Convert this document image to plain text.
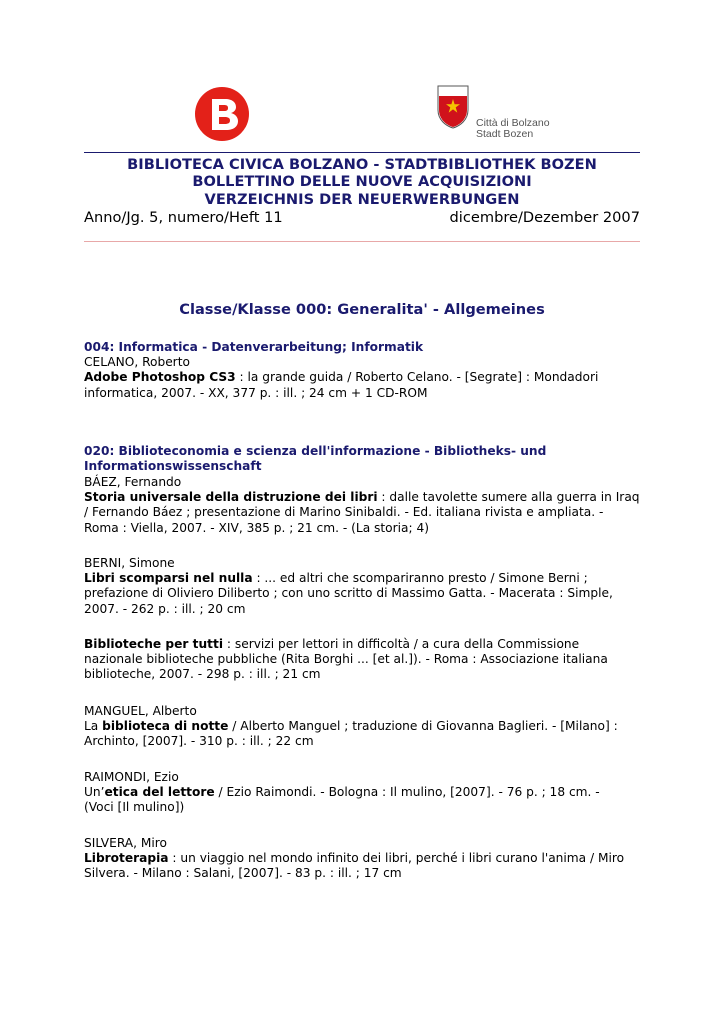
Città di Bolzano
Stadt Bozen
BIBLIOTECA CIVICA BOLZANO - STADTBIBLIOTHEK BOZEN
BOLLETTINO DELLE NUOVE ACQUISIZIONI
VERZEICHNIS DER NEUERWERBUNGEN
Anno/Jg. 5, numero/Heft 11	dicembre/Dezember 2007
Classe/Klasse 000: Generalita' - Allgemeines
004: Informatica - Datenverarbeitung; Informatik
CELANO, Roberto
Adobe Photoshop CS3 : la grande guida / Roberto Celano. - [Segrate] : Mondadori
informatica, 2007. - XX, 377 p. : ill. ; 24 cm + 1 CD-ROM
020: Biblioteconomia e scienza dell'informazione - Bibliotheks- und
Informationswissenschaft
BÁEZ, Fernando
Storia universale della distruzione dei libri : dalle tavolette sumere alla guerra in Iraq
/ Fernando Báez ; presentazione di Marino Sinibaldi. - Ed. italiana rivista e ampliata. -
Roma : Viella, 2007. - XIV, 385 p. ; 21 cm. - (La storia; 4)
BERNI, Simone
Libri scomparsi nel nulla : ... ed altri che scompariranno presto / Simone Berni ;
prefazione di Oliviero Diliberto ; con uno scritto di Massimo Gatta. - Macerata : Simple,
2007. - 262 p. : ill. ; 20 cm
Biblioteche per tutti : servizi per lettori in difficoltà / a cura della Commissione
nazionale biblioteche pubbliche (Rita Borghi ... [et al.]). - Roma : Associazione italiana
biblioteche, 2007. - 298 p. : ill. ; 21 cm
MANGUEL, Alberto
La biblioteca di notte / Alberto Manguel ; traduzione di Giovanna Baglieri. - [Milano] :
Archinto, [2007]. - 310 p. : ill. ; 22 cm
RAIMONDI, Ezio
Un’etica del lettore / Ezio Raimondi. - Bologna : Il mulino, [2007]. - 76 p. ; 18 cm. -
(Voci [Il mulino])
SILVERA, Miro
Libroterapia : un viaggio nel mondo infinito dei libri, perché i libri curano l'anima / Miro
Silvera. - Milano : Salani, [2007]. - 83 p. : ill. ; 17 cm
